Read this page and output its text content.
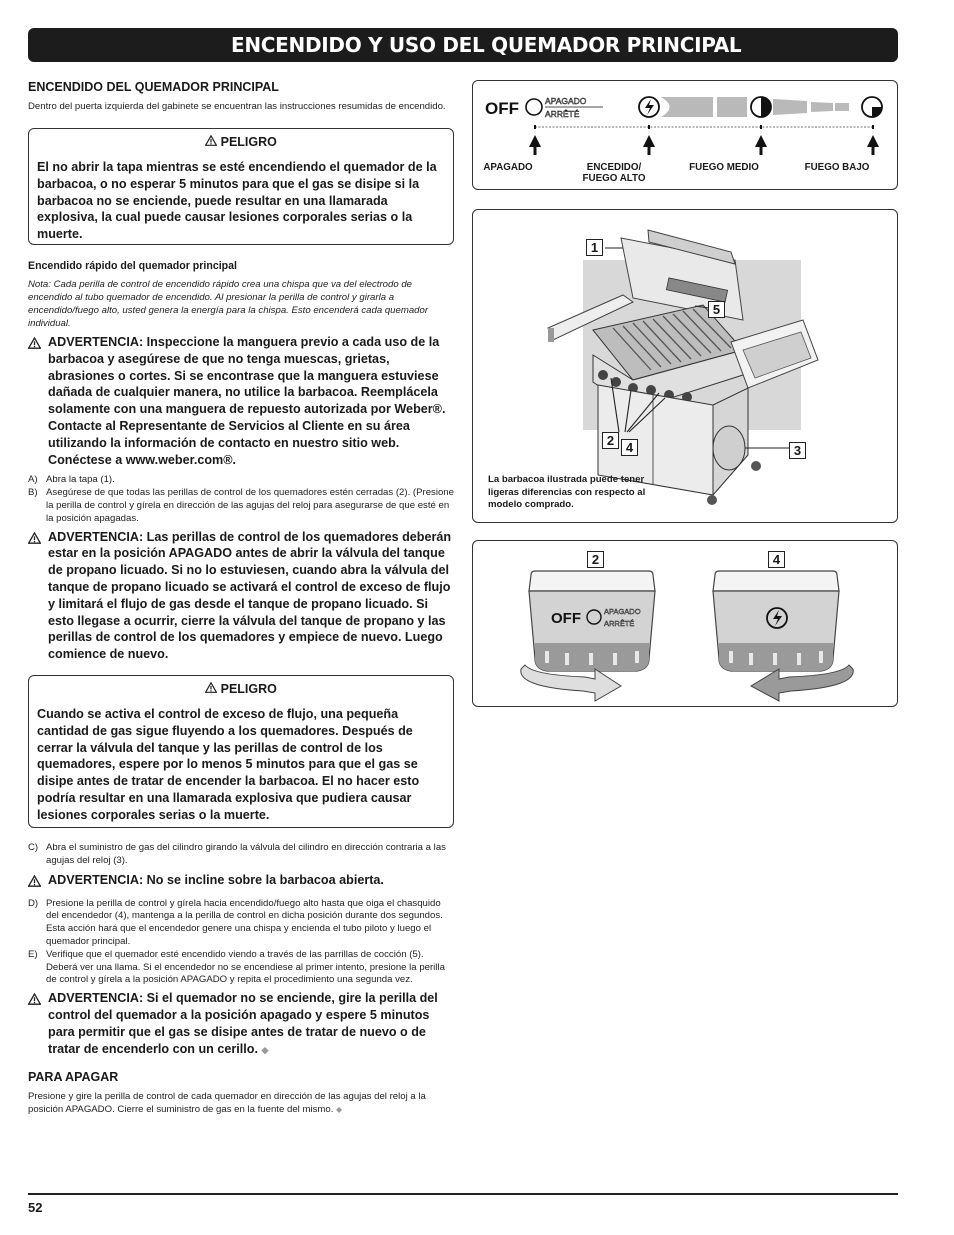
ENCENDIDO Y USO DEL QUEMADOR PRINCIPAL
ENCENDIDO DEL QUEMADOR PRINCIPAL
Dentro del puerta izquierda del gabinete se encuentran las instrucciones resumidas de encendido.
PELIGRO
El no abrir la tapa mientras se esté encendiendo el quemador de la barbacoa, o no esperar 5 minutos para que el gas se disipe si la barbacoa no se enciende, puede resultar en una llamarada explosiva, la cual puede causar lesiones corporales serias o la muerte.
Encendido rápido del quemador principal
Nota: Cada perilla de control de encendido rápido crea una chispa que va del electrodo de encendido al tubo quemador de encendido. Al presionar la perilla de control y girarla a encendido/fuego alto, usted genera la energía para la chispa. Esto encenderá cada quemador individual.
ADVERTENCIA: Inspeccione la manguera previo a cada uso de la barbacoa y asegúrese de que no tenga muescas, grietas, abrasiones o cortes. Si se encontrase que la manguera estuviese dañada de cualquier manera, no utilice la barbacoa. Reemplácela solamente con una manguera de repuesto autorizada por Weber®. Contacte al Representante de Servicios al Cliente en su área utilizando la información de contacto en nuestro sitio web. Conéctese a www.weber.com®.
A) Abra la tapa (1).
B) Asegúrese de que todas las perillas de control de los quemadores estén cerradas (2). (Presione la perilla de control y gírela en dirección de las agujas del reloj para asegurarse de que esté en la posición apagadas.
ADVERTENCIA: Las perillas de control de los quemadores deberán estar en la posición APAGADO antes de abrir la válvula del tanque de propano licuado. Si no lo estuviesen, cuando abra la válvula del tanque de propano licuado se activará el control de exceso de flujo y limitará el flujo de gas desde el tanque de propano licuado. Si esto llegase a ocurrir, cierre la válvula del tanque de propano y las perillas de control de los quemadores y empiece de nuevo. Luego comience de nuevo.
PELIGRO
Cuando se activa el control de exceso de flujo, una pequeña cantidad de gas sigue fluyendo a los quemadores. Después de cerrar la válvula del tanque y las perillas de control de los quemadores, espere por lo menos 5 minutos para que el gas se disipe antes de tratar de encender la barbacoa. El no hacer esto podría resultar en una llamarada explosiva que pudiera causar lesiones corporales serias o la muerte.
C) Abra el suministro de gas del cilindro girando la válvula del cilindro en dirección contraria a las agujas del reloj (3).
ADVERTENCIA: No se incline sobre la barbacoa abierta.
D) Presione la perilla de control y gírela hacia encendido/fuego alto hasta que oiga el chasquido del encendedor (4), mantenga a la perilla de control en dicha posición durante dos segundos. Esta acción hará que el encendedor genere una chispa y encienda el tubo piloto y luego el quemador principal.
E) Verifique que el quemador esté encendido viendo a través de las parrillas de cocción (5). Deberá ver una llama. Si el encendedor no se encendiese al primer intento, presione la perilla de control y gírela a la posición APAGADO y repita el procedimiento una segunda vez.
ADVERTENCIA: Si el quemador no se enciende, gire la perilla del control del quemador a la posición apagado y espere 5 minutos para permitir que el gas se disipe antes de tratar de nuevo o de tratar de encenderlo con un cerillo. ◆
PARA APAGAR
Presione y gire la perilla de control de cada quemador en dirección de las agujas del reloj a la posición APAGADO. Cierre el suministro de gas en la fuente del mismo. ◆
OFF	APAGADO
ARRÊTÉ
APAGADO	ENCEDIDO/ FUEGO ALTO
FUEGO MEDIO	FUEGO BAJO
1
5
2 4	3
La barbacoa ilustrada puede tener ligeras diferencias con respecto al modelo comprado.
OFF	APAGADO
ARRÊTÉ
2	4
52
